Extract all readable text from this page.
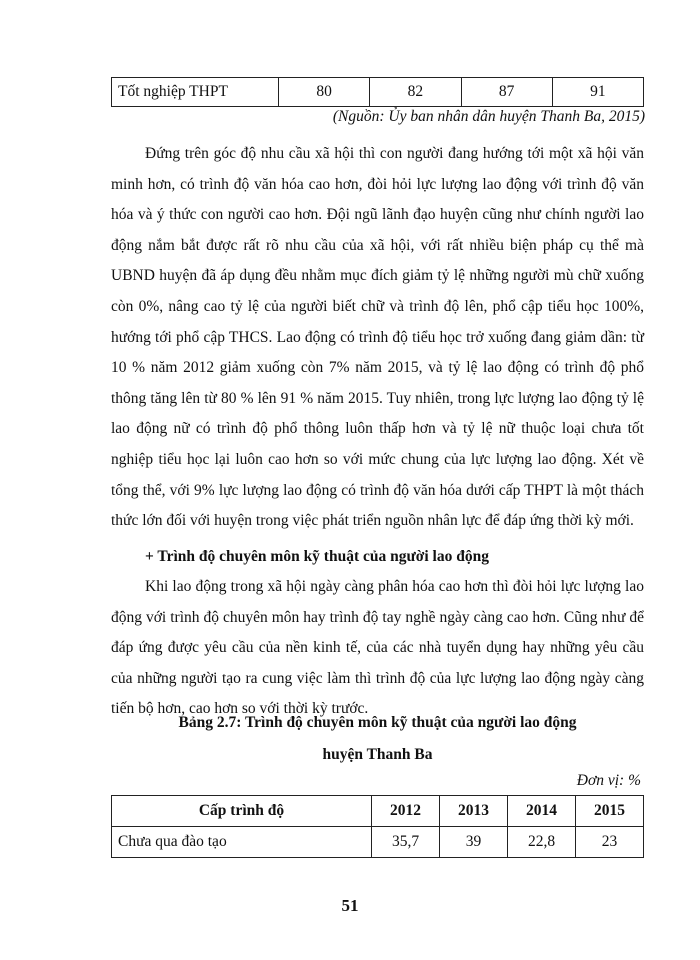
Tốt nghiệp THPT	80	82	87	91
(Nguồn: Ủy ban nhân dân huyện Thanh Ba, 2015)

Đứng trên góc độ nhu cầu xã hội thì con người đang hướng tới một xã hội văn minh hơn, có trình độ văn hóa cao hơn, đòi hỏi lực lượng lao động với trình độ văn hóa và ý thức con người cao hơn. Đội ngũ lãnh đạo huyện cũng như chính người lao động nắm bắt được rất rõ nhu cầu của xã hội, với rất nhiều biện pháp cụ thể mà UBND huyện đã áp dụng đều nhằm mục đích giảm tỷ lệ những người mù chữ xuống còn 0%, nâng cao tỷ lệ của người biết chữ và trình độ lên, phổ cập tiểu học 100%, hướng tới phổ cập THCS. Lao động có trình độ tiểu học trở xuống đang giảm dần: từ 10 % năm 2012 giảm xuống còn 7% năm 2015, và tỷ lệ lao động có trình độ phổ thông tăng lên từ 80 % lên 91 % năm 2015. Tuy nhiên, trong lực lượng lao động tỷ lệ lao động nữ có trình độ phổ thông luôn thấp hơn và tỷ lệ nữ thuộc loại chưa tốt nghiệp tiểu học lại luôn cao hơn so với mức chung của lực lượng lao động. Xét về tổng thể, với 9% lực lượng lao động có trình độ văn hóa dưới cấp THPT là một thách thức lớn đối với huyện trong việc phát triển nguồn nhân lực để đáp ứng thời kỳ mới.

+ Trình độ chuyên môn kỹ thuật của người lao động

Khi lao động trong xã hội ngày càng phân hóa cao hơn thì đòi hỏi lực lượng lao động với trình độ chuyên môn hay trình độ tay nghề ngày càng cao hơn. Cũng như để đáp ứng được yêu cầu của nền kinh tế, của các nhà tuyển dụng hay những yêu cầu của những người tạo ra cung việc làm thì trình độ của lực lượng lao động ngày càng tiến bộ hơn, cao hơn so với thời kỳ trước.

Bảng 2.7: Trình độ chuyên môn kỹ thuật của người lao động
huyện Thanh Ba
Đơn vị: %
Cấp trình độ	2012	2013	2014	2015
Chưa qua đào tạo	35,7	39	22,8	23
51
